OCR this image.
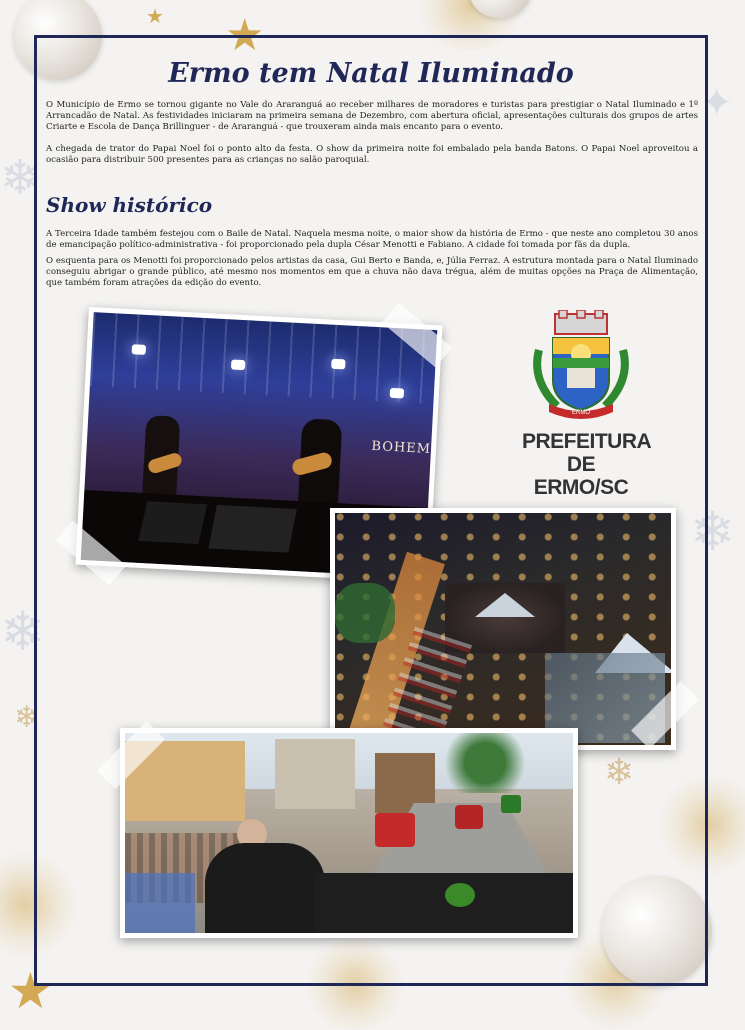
★
★
❄
❄
❄
✦
★
❄
❄
Ermo tem Natal Iluminado

O Município de Ermo se tornou gigante no Vale do Araranguá ao receber milhares de moradores e turistas para prestigiar o Natal Iluminado e 1º Arrancadão de Natal. As festividades iniciaram na primeira semana de Dezembro, com abertura oficial, apresentações culturais dos grupos de artes Criarte e Escola de Dança Brillinguer - de Araranguá - que trouxeram ainda mais encanto para o evento.

A chegada de trator do Papai Noel foi o ponto alto da festa. O show da primeira noite foi embalado pela banda Batons. O Papai Noel aproveitou a ocasião para distribuir 500 presentes para as crianças no salão paroquial.

Show histórico

A Terceira Idade também festejou com o Baile de Natal. Naquela mesma noite, o maior show da história de Ermo - que neste ano completou 30 anos de emancipação político-administrativa - foi proporcionado pela dupla César Menotti e Fabiano. A cidade foi tomada por fãs da dupla.

O esquenta para os Menotti foi proporcionado pelos artistas da casa, Gui Berto e Banda, e, Júlia Ferraz. A estrutura montada para o Natal Iluminado conseguiu abrigar o grande público, até mesmo nos momentos em que a chuva não dava trégua, além de muitas opções na Praça de Alimentação, que também foram atrações da edição do evento.

BOHEM
ERMO
PREFEITURA
DE ERMO/SC
